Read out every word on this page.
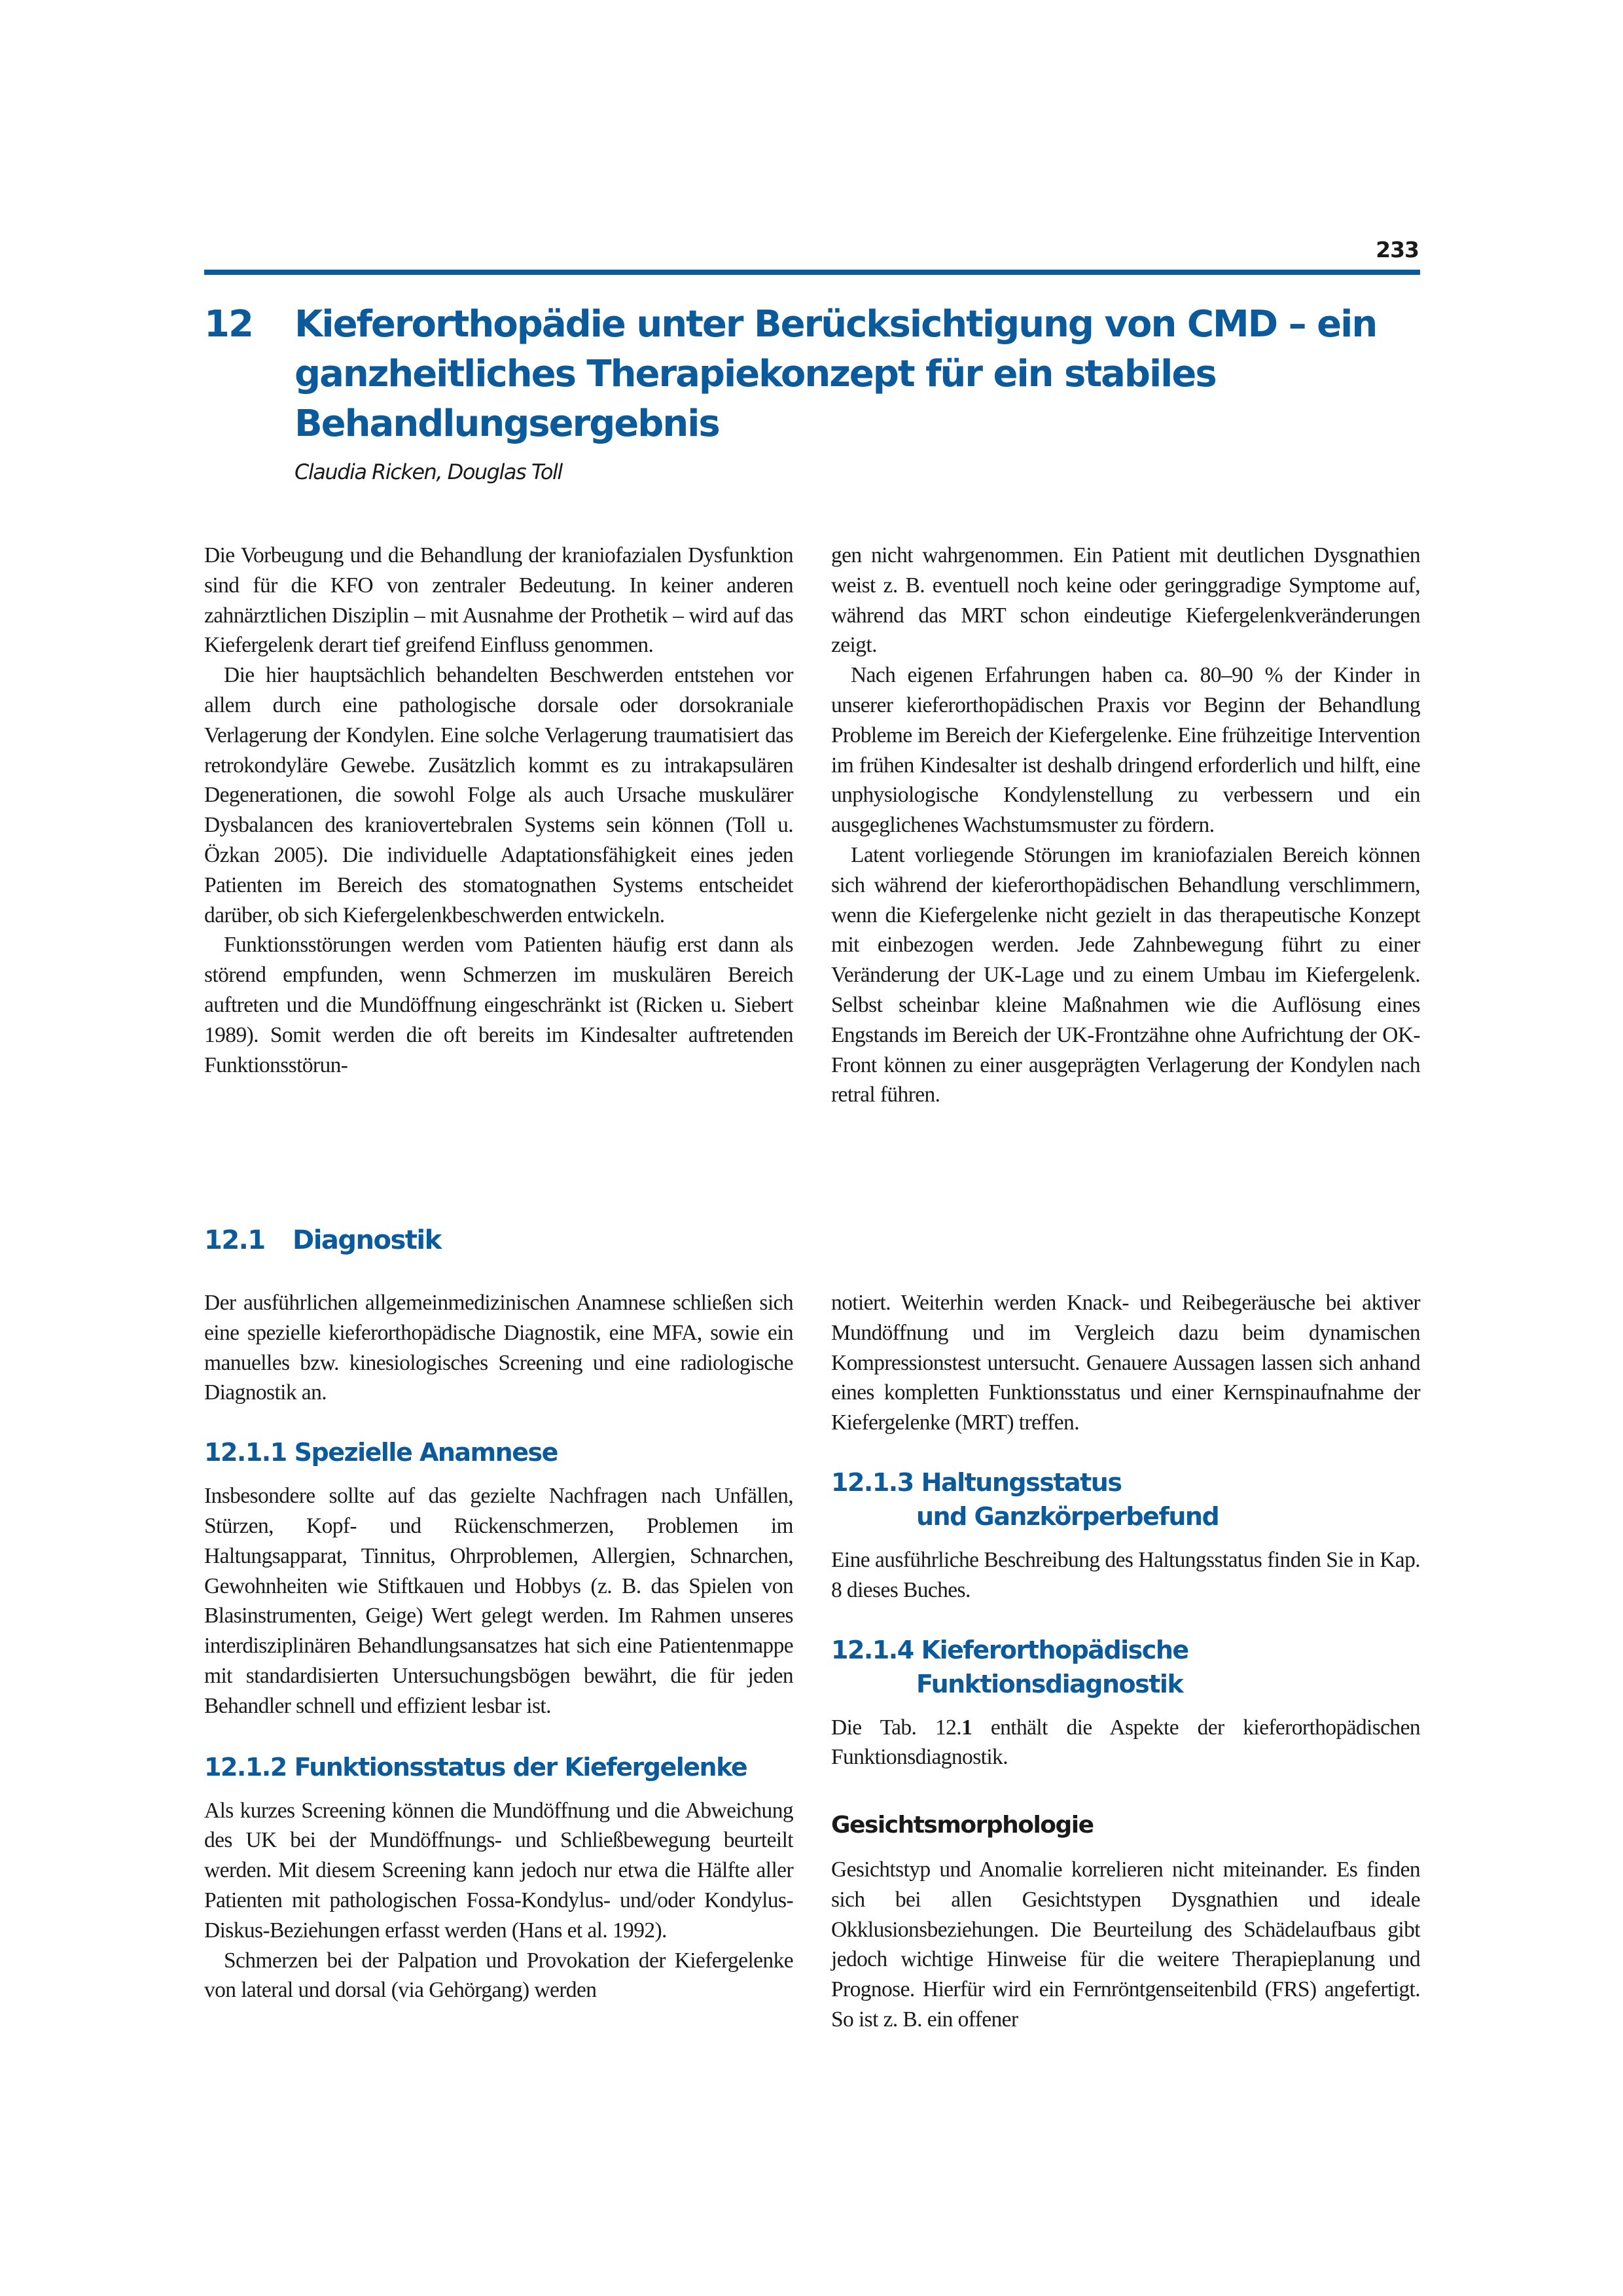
233
12	Kieferorthopädie unter Berücksichtigung von CMD – ein ganzheitliches Therapiekonzept für ein stabiles Behandlungsergebnis
Claudia Ricken, Douglas Toll

Die Vorbeugung und die Behandlung der kraniofazialen Dysfunktion sind für die KFO von zentraler Bedeutung. In keiner anderen zahnärztlichen Disziplin – mit Ausnahme der Prothetik – wird auf das Kiefergelenk derart tief greifend Einfluss genommen.

Die hier hauptsächlich behandelten Beschwerden entstehen vor allem durch eine pathologische dorsale oder dorsokraniale Verlagerung der Kondylen. Eine solche Verlagerung traumatisiert das retrokondyläre Gewebe. Zusätzlich kommt es zu intrakapsulären Degenerationen, die sowohl Folge als auch Ursache muskulärer Dysbalancen des kraniovertebralen Systems sein können (Toll u. Özkan 2005). Die individuelle Adaptationsfähigkeit eines jeden Patienten im Bereich des stomatognathen Systems entscheidet darüber, ob sich Kiefergelenkbeschwerden entwickeln.

Funktionsstörungen werden vom Patienten häufig erst dann als störend empfunden, wenn Schmerzen im muskulären Bereich auftreten und die Mundöffnung eingeschränkt ist (Ricken u. Siebert 1989). Somit werden die oft bereits im Kindesalter auftretenden Funktionsstörun-

gen nicht wahrgenommen. Ein Patient mit deutlichen Dysgnathien weist z. B. eventuell noch keine oder geringgradige Symptome auf, während das MRT schon eindeutige Kiefergelenkveränderungen zeigt.

Nach eigenen Erfahrungen haben ca. 80–90 % der Kinder in unserer kieferorthopädischen Praxis vor Beginn der Behandlung Probleme im Bereich der Kiefergelenke. Eine frühzeitige Intervention im frühen Kindesalter ist deshalb dringend erforderlich und hilft, eine unphysiologische Kondylenstellung zu verbessern und ein ausgeglichenes Wachstumsmuster zu fördern.

Latent vorliegende Störungen im kraniofazialen Bereich können sich während der kieferorthopädischen Behandlung verschlimmern, wenn die Kiefergelenke nicht gezielt in das therapeutische Konzept mit einbezogen werden. Jede Zahnbewegung führt zu einer Veränderung der UK-Lage und zu einem Umbau im Kiefergelenk. Selbst scheinbar kleine Maßnahmen wie die Auflösung eines Engstands im Bereich der UK-Frontzähne ohne Aufrichtung der OK-Front können zu einer ausgeprägten Verlagerung der Kondylen nach retral führen.

12.1	Diagnostik

Der ausführlichen allgemeinmedizinischen Anamnese schließen sich eine spezielle kieferorthopädische Diagnostik, eine MFA, sowie ein manuelles bzw. kinesiologisches Screening und eine radiologische Diagnostik an.

12.1.1 Spezielle Anamnese

Insbesondere sollte auf das gezielte Nachfragen nach Unfällen, Stürzen, Kopf- und Rückenschmerzen, Problemen im Haltungsapparat, Tinnitus, Ohrproblemen, Allergien, Schnarchen, Gewohnheiten wie Stiftkauen und Hobbys (z. B. das Spielen von Blasinstrumenten, Geige) Wert gelegt werden. Im Rahmen unseres interdisziplinären Behandlungsansatzes hat sich eine Patientenmappe mit standardisierten Untersuchungsbögen bewährt, die für jeden Behandler schnell und effizient lesbar ist.

12.1.2 Funktionsstatus der Kiefergelenke

Als kurzes Screening können die Mundöffnung und die Abweichung des UK bei der Mundöffnungs- und Schließbewegung beurteilt werden. Mit diesem Screening kann jedoch nur etwa die Hälfte aller Patienten mit pathologischen Fossa-Kondylus- und/oder Kondylus-Diskus-Beziehungen erfasst werden (Hans et al. 1992).

Schmerzen bei der Palpation und Provokation der Kiefergelenke von lateral und dorsal (via Gehörgang) werden

notiert. Weiterhin werden Knack- und Reibegeräusche bei aktiver Mundöffnung und im Vergleich dazu beim dynamischen Kompressionstest untersucht. Genauere Aussagen lassen sich anhand eines kompletten Funktionsstatus und einer Kernspinaufnahme der Kiefergelenke (MRT) treffen.

12.1.3 Haltungsstatus
und Ganzkörperbefund

Eine ausführliche Beschreibung des Haltungsstatus finden Sie in Kap. 8 dieses Buches.

12.1.4 Kieferorthopädische
Funktionsdiagnostik

Die Tab. 12.1 enthält die Aspekte der kieferorthopädischen Funktionsdiagnostik.

Gesichtsmorphologie

Gesichtstyp und Anomalie korrelieren nicht miteinander. Es finden sich bei allen Gesichtstypen Dysgnathien und ideale Okklusionsbeziehungen. Die Beurteilung des Schädelaufbaus gibt jedoch wichtige Hinweise für die weitere Therapieplanung und Prognose. Hierfür wird ein Fernröntgenseitenbild (FRS) angefertigt. So ist z. B. ein offener
